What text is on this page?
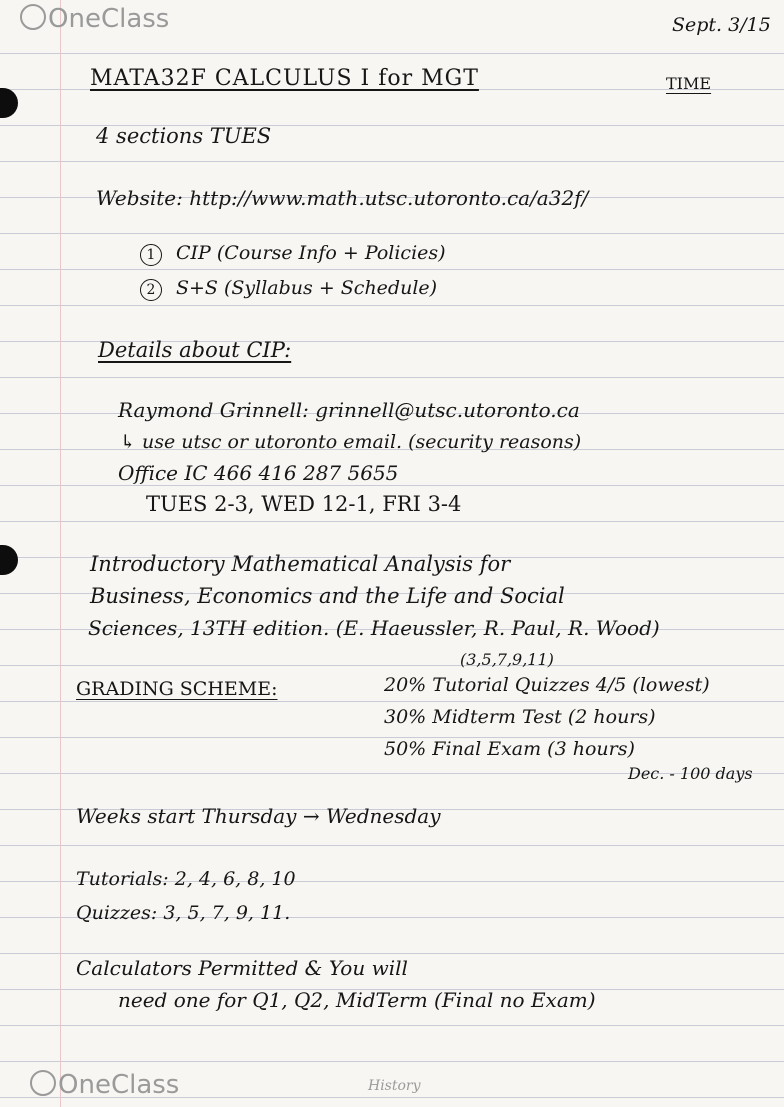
OneClass	Sept. 3/15
MATA32F CALCULUS I for MGT	TIME
4 sections TUES
Website: http://www.math.utsc.utoronto.ca/a32f/
1 CIP (Course Info + Policies)
2 S+S (Syllabus + Schedule)
Details about CIP:
Raymond Grinnell: grinnell@utsc.utoronto.ca
↳ use utsc or utoronto email. (security reasons)
Office IC 466 416 287 5655
TUES 2-3, WED 12-1, FRI 3-4
Introductory Mathematical Analysis for
Business, Economics and the Life and Social
Sciences, 13TH edition. (E. Haeussler, R. Paul, R. Wood)
(3,5,7,9,11)
GRADING SCHEME:	20% Tutorial Quizzes 4/5 (lowest)
30% Midterm Test (2 hours)
50% Final Exam (3 hours)
Dec. - 100 days
Weeks start Thursday → Wednesday
Tutorials: 2, 4, 6, 8, 10
Quizzes: 3, 5, 7, 9, 11.
Calculators Permitted & You will
need one for Q1, Q2, MidTerm (Final no Exam)
OneClass	History
